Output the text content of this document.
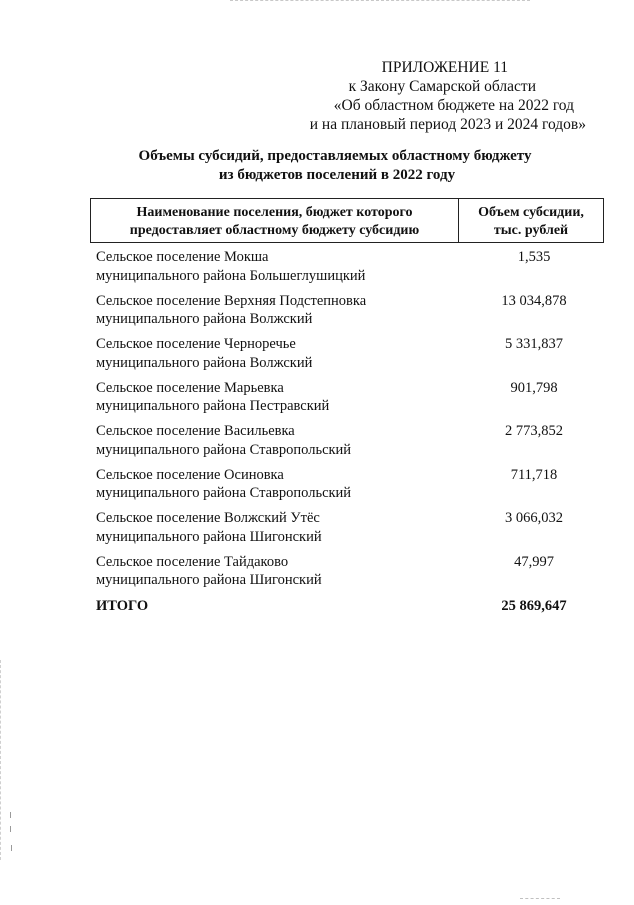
ПРИЛОЖЕНИЕ 11
к Закону Самарской области
«Об областном бюджете на 2022 год
и на плановый период 2023 и 2024 годов»
Объемы субсидий, предоставляемых областному бюджету
из бюджетов поселений в 2022 году
Наименование поселения, бюджет которого
предоставляет областному бюджету субсидию
Объем субсидии,
тыс. рублей
Сельское поселение Мокша
муниципального района Большеглушицкий
1,535
Сельское поселение Верхняя Подстепновка
муниципального района Волжский
13 034,878
Сельское поселение Черноречье
муниципального района Волжский
5 331,837
Сельское поселение Марьевка
муниципального района Пестравский
901,798
Сельское поселение Васильевка
муниципального района Ставропольский
2 773,852
Сельское поселение Осиновка
муниципального района Ставропольский
711,718
Сельское поселение Волжский Утёс
муниципального района Шигонский
3 066,032
Сельское поселение Тайдаково
муниципального района Шигонский
47,997
ИТОГО	25 869,647
